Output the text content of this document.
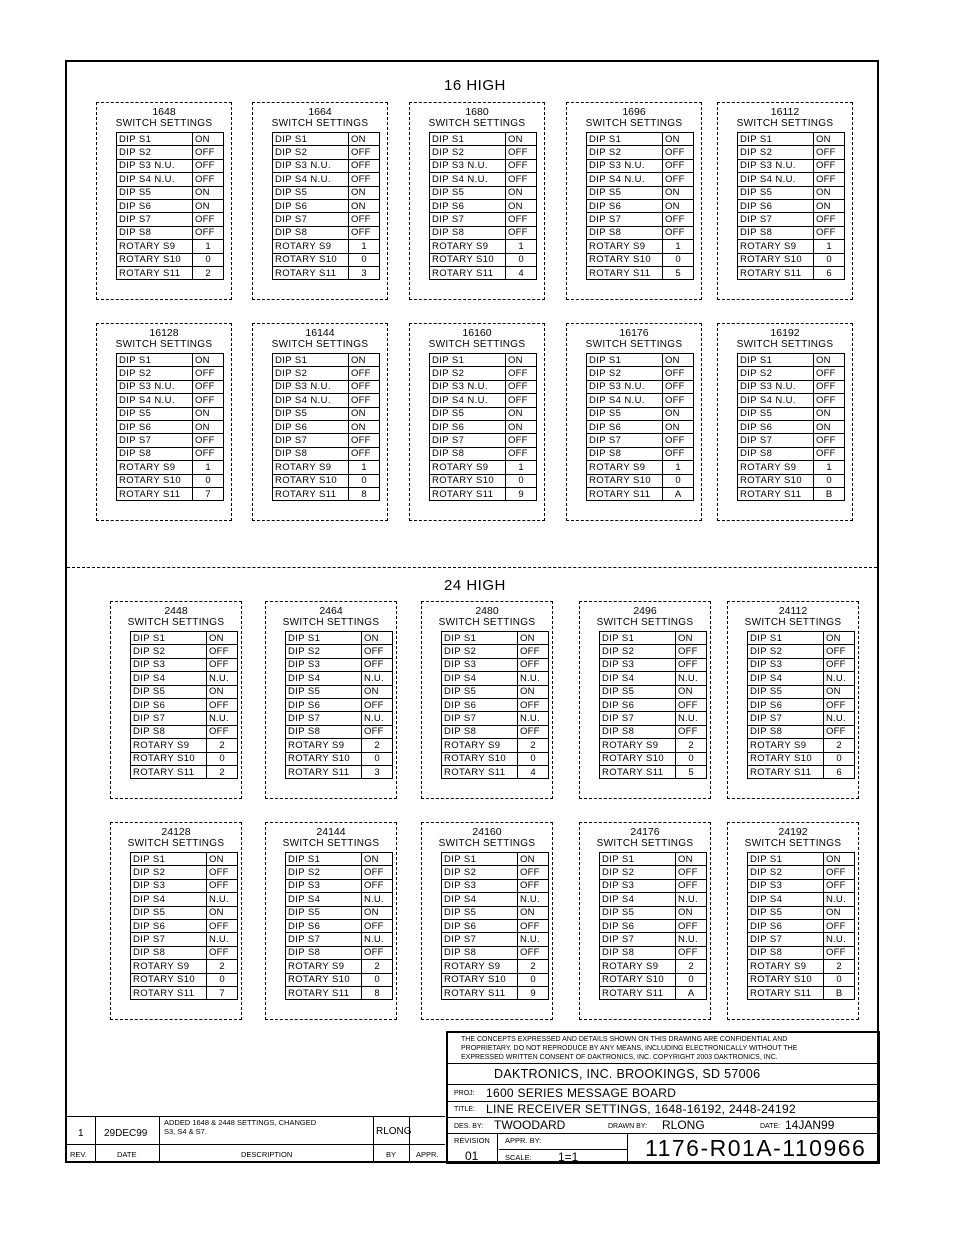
16 HIGH
24 HIGH
1648
SWITCH SETTINGS
DIP S1	ON
DIP S2	OFF
DIP S3 N.U.	OFF
DIP S4 N.U.	OFF
DIP S5	ON
DIP S6	ON
DIP S7	OFF
DIP S8	OFF
ROTARY S9	1
ROTARY S10	0
ROTARY S11	2
1664
SWITCH SETTINGS
DIP S1	ON
DIP S2	OFF
DIP S3 N.U.	OFF
DIP S4 N.U.	OFF
DIP S5	ON
DIP S6	ON
DIP S7	OFF
DIP S8	OFF
ROTARY S9	1
ROTARY S10	0
ROTARY S11	3
1680
SWITCH SETTINGS
DIP S1	ON
DIP S2	OFF
DIP S3 N.U.	OFF
DIP S4 N.U.	OFF
DIP S5	ON
DIP S6	ON
DIP S7	OFF
DIP S8	OFF
ROTARY S9	1
ROTARY S10	0
ROTARY S11	4
1696
SWITCH SETTINGS
DIP S1	ON
DIP S2	OFF
DIP S3 N.U.	OFF
DIP S4 N.U.	OFF
DIP S5	ON
DIP S6	ON
DIP S7	OFF
DIP S8	OFF
ROTARY S9	1
ROTARY S10	0
ROTARY S11	5
16112
SWITCH SETTINGS
DIP S1	ON
DIP S2	OFF
DIP S3 N.U.	OFF
DIP S4 N.U.	OFF
DIP S5	ON
DIP S6	ON
DIP S7	OFF
DIP S8	OFF
ROTARY S9	1
ROTARY S10	0
ROTARY S11	6
16128
SWITCH SETTINGS
DIP S1	ON
DIP S2	OFF
DIP S3 N.U.	OFF
DIP S4 N.U.	OFF
DIP S5	ON
DIP S6	ON
DIP S7	OFF
DIP S8	OFF
ROTARY S9	1
ROTARY S10	0
ROTARY S11	7
16144
SWITCH SETTINGS
DIP S1	ON
DIP S2	OFF
DIP S3 N.U.	OFF
DIP S4 N.U.	OFF
DIP S5	ON
DIP S6	ON
DIP S7	OFF
DIP S8	OFF
ROTARY S9	1
ROTARY S10	0
ROTARY S11	8
16160
SWITCH SETTINGS
DIP S1	ON
DIP S2	OFF
DIP S3 N.U.	OFF
DIP S4 N.U.	OFF
DIP S5	ON
DIP S6	ON
DIP S7	OFF
DIP S8	OFF
ROTARY S9	1
ROTARY S10	0
ROTARY S11	9
16176
SWITCH SETTINGS
DIP S1	ON
DIP S2	OFF
DIP S3 N.U.	OFF
DIP S4 N.U.	OFF
DIP S5	ON
DIP S6	ON
DIP S7	OFF
DIP S8	OFF
ROTARY S9	1
ROTARY S10	0
ROTARY S11	A
16192
SWITCH SETTINGS
DIP S1	ON
DIP S2	OFF
DIP S3 N.U.	OFF
DIP S4 N.U.	OFF
DIP S5	ON
DIP S6	ON
DIP S7	OFF
DIP S8	OFF
ROTARY S9	1
ROTARY S10	0
ROTARY S11	B
2448
SWITCH SETTINGS
DIP S1	ON
DIP S2	OFF
DIP S3	OFF
DIP S4	N.U.
DIP S5	ON
DIP S6	OFF
DIP S7	N.U.
DIP S8	OFF
ROTARY S9	2
ROTARY S10	0
ROTARY S11	2
2464
SWITCH SETTINGS
DIP S1	ON
DIP S2	OFF
DIP S3	OFF
DIP S4	N.U.
DIP S5	ON
DIP S6	OFF
DIP S7	N.U.
DIP S8	OFF
ROTARY S9	2
ROTARY S10	0
ROTARY S11	3
2480
SWITCH SETTINGS
DIP S1	ON
DIP S2	OFF
DIP S3	OFF
DIP S4	N.U.
DIP S5	ON
DIP S6	OFF
DIP S7	N.U.
DIP S8	OFF
ROTARY S9	2
ROTARY S10	0
ROTARY S11	4
2496
SWITCH SETTINGS
DIP S1	ON
DIP S2	OFF
DIP S3	OFF
DIP S4	N.U.
DIP S5	ON
DIP S6	OFF
DIP S7	N.U.
DIP S8	OFF
ROTARY S9	2
ROTARY S10	0
ROTARY S11	5
24112
SWITCH SETTINGS
DIP S1	ON
DIP S2	OFF
DIP S3	OFF
DIP S4	N.U.
DIP S5	ON
DIP S6	OFF
DIP S7	N.U.
DIP S8	OFF
ROTARY S9	2
ROTARY S10	0
ROTARY S11	6
24128
SWITCH SETTINGS
DIP S1	ON
DIP S2	OFF
DIP S3	OFF
DIP S4	N.U.
DIP S5	ON
DIP S6	OFF
DIP S7	N.U.
DIP S8	OFF
ROTARY S9	2
ROTARY S10	0
ROTARY S11	7
24144
SWITCH SETTINGS
DIP S1	ON
DIP S2	OFF
DIP S3	OFF
DIP S4	N.U.
DIP S5	ON
DIP S6	OFF
DIP S7	N.U.
DIP S8	OFF
ROTARY S9	2
ROTARY S10	0
ROTARY S11	8
24160
SWITCH SETTINGS
DIP S1	ON
DIP S2	OFF
DIP S3	OFF
DIP S4	N.U.
DIP S5	ON
DIP S6	OFF
DIP S7	N.U.
DIP S8	OFF
ROTARY S9	2
ROTARY S10	0
ROTARY S11	9
24176
SWITCH SETTINGS
DIP S1	ON
DIP S2	OFF
DIP S3	OFF
DIP S4	N.U.
DIP S5	ON
DIP S6	OFF
DIP S7	N.U.
DIP S8	OFF
ROTARY S9	2
ROTARY S10	0
ROTARY S11	A
24192
SWITCH SETTINGS
DIP S1	ON
DIP S2	OFF
DIP S3	OFF
DIP S4	N.U.
DIP S5	ON
DIP S6	OFF
DIP S7	N.U.
DIP S8	OFF
ROTARY S9	2
ROTARY S10	0
ROTARY S11	B
1 29DEC99
ADDED 1648 & 2448 SETTINGS, CHANGED
S3, S4 & S7.	RLONG
REV.	DATE	DESCRIPTION	BY	APPR.
THE CONCEPTS EXPRESSED AND DETAILS SHOWN ON THIS DRAWING ARE CONFIDENTIAL AND
PROPRIETARY. DO NOT REPRODUCE BY ANY MEANS, INCLUDING ELECTRONICALLY WITHOUT THE
EXPRESSED WRITTEN CONSENT OF DAKTRONICS, INC. COPYRIGHT 2003 DAKTRONICS, INC.
DAKTRONICS, INC. BROOKINGS, SD 57006
PROJ: 1600 SERIES MESSAGE BOARD
TITLE: LINE RECEIVER SETTINGS, 1648-16192, 2448-24192
DES. BY: TWOODARD	DRAWN BY: RLONG	DATE: 14JAN99
REVISION
01
APPR. BY:
SCALE: 1=1	1176-R01A-110966
